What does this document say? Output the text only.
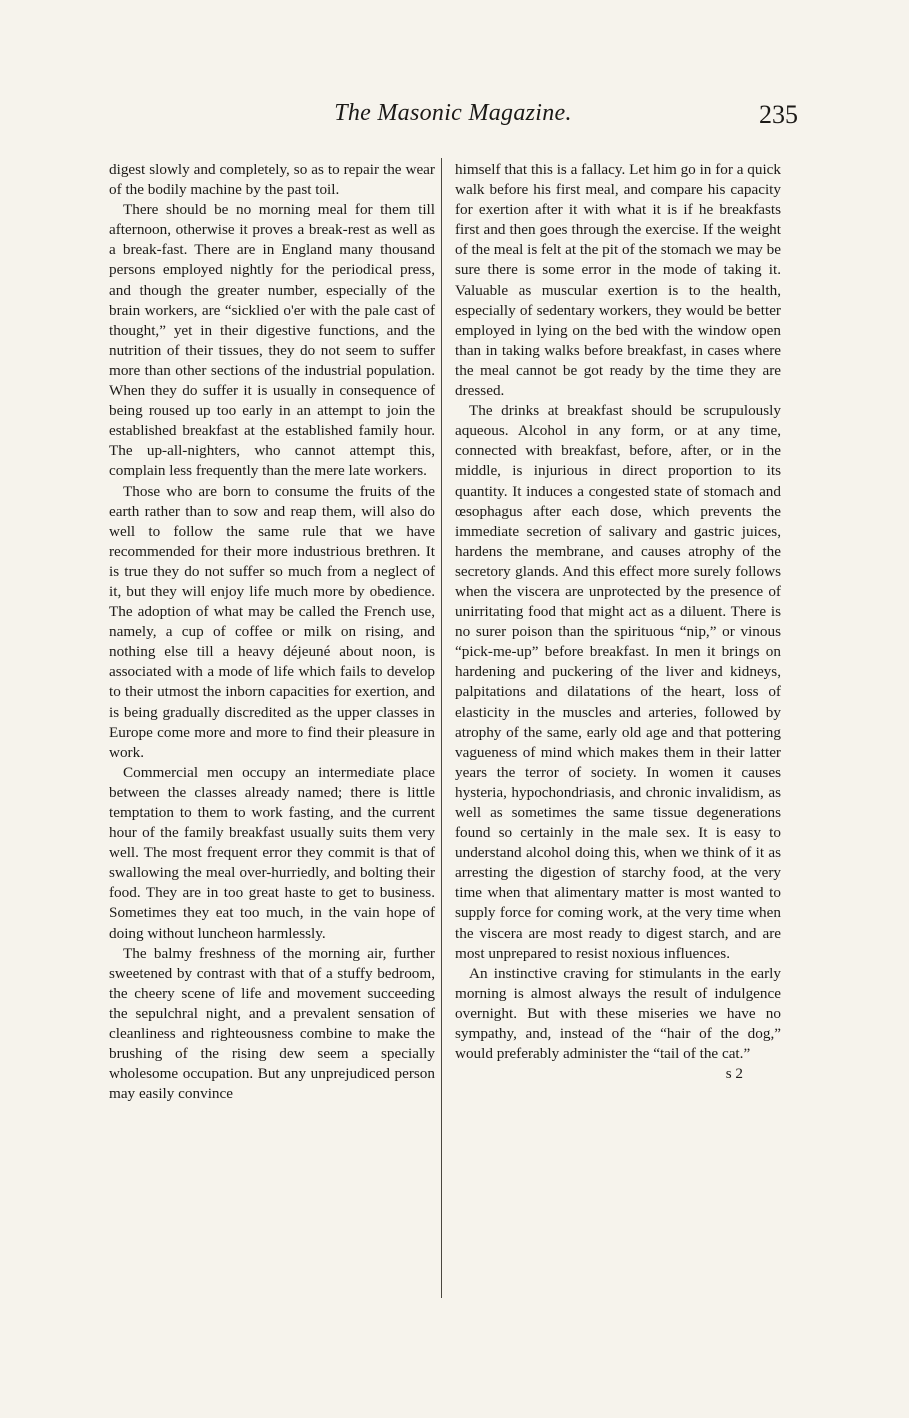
The Masonic Magazine.	235

digest slowly and completely, so as to repair the wear of the bodily machine by the past toil.

There should be no morning meal for them till afternoon, otherwise it proves a break-rest as well as a break-fast. There are in England many thousand persons employed nightly for the periodical press, and though the greater number, especially of the brain workers, are “sicklied o'er with the pale cast of thought,” yet in their digestive functions, and the nutrition of their tissues, they do not seem to suffer more than other sections of the industrial population. When they do suffer it is usually in consequence of being roused up too early in an attempt to join the established breakfast at the established family hour. The up-all-nighters, who cannot attempt this, complain less frequently than the mere late workers.

Those who are born to consume the fruits of the earth rather than to sow and reap them, will also do well to follow the same rule that we have recommended for their more industrious brethren. It is true they do not suffer so much from a neglect of it, but they will enjoy life much more by obedience. The adoption of what may be called the French use, namely, a cup of coffee or milk on rising, and nothing else till a heavy déjeuné about noon, is associated with a mode of life which fails to develop to their utmost the inborn capacities for exertion, and is being gradually discredited as the upper classes in Europe come more and more to find their pleasure in work.

Commercial men occupy an intermediate place between the classes already named; there is little temptation to them to work fasting, and the current hour of the family breakfast usually suits them very well. The most frequent error they commit is that of swallowing the meal over-hurriedly, and bolting their food. They are in too great haste to get to business. Sometimes they eat too much, in the vain hope of doing without luncheon harmlessly.

The balmy freshness of the morning air, further sweetened by contrast with that of a stuffy bedroom, the cheery scene of life and movement succeeding the sepulchral night, and a prevalent sensation of cleanliness and righteousness combine to make the brushing of the rising dew seem a specially wholesome occupation. But any unprejudiced person may easily convince

himself that this is a fallacy. Let him go in for a quick walk before his first meal, and compare his capacity for exertion after it with what it is if he breakfasts first and then goes through the exercise. If the weight of the meal is felt at the pit of the stomach we may be sure there is some error in the mode of taking it. Valuable as muscular exertion is to the health, especially of sedentary workers, they would be better employed in lying on the bed with the window open than in taking walks before breakfast, in cases where the meal cannot be got ready by the time they are dressed.

The drinks at breakfast should be scrupulously aqueous. Alcohol in any form, or at any time, connected with breakfast, before, after, or in the middle, is injurious in direct proportion to its quantity. It induces a congested state of stomach and œsophagus after each dose, which prevents the immediate secretion of salivary and gastric juices, hardens the membrane, and causes atrophy of the secretory glands. And this effect more surely follows when the viscera are unprotected by the presence of unirritating food that might act as a diluent. There is no surer poison than the spirituous “nip,” or vinous “pick-me-up” before breakfast. In men it brings on hardening and puckering of the liver and kidneys, palpitations and dilatations of the heart, loss of elasticity in the muscles and arteries, followed by atrophy of the same, early old age and that pottering vagueness of mind which makes them in their latter years the terror of society. In women it causes hysteria, hypochondriasis, and chronic invalidism, as well as sometimes the same tissue degenerations found so certainly in the male sex. It is easy to understand alcohol doing this, when we think of it as arresting the digestion of starchy food, at the very time when that alimentary matter is most wanted to supply force for coming work, at the very time when the viscera are most ready to digest starch, and are most unprepared to resist noxious influences.

An instinctive craving for stimulants in the early morning is almost always the result of indulgence overnight. But with these miseries we have no sympathy, and, instead of the “hair of the dog,” would preferably administer the “tail of the cat.”
s 2
